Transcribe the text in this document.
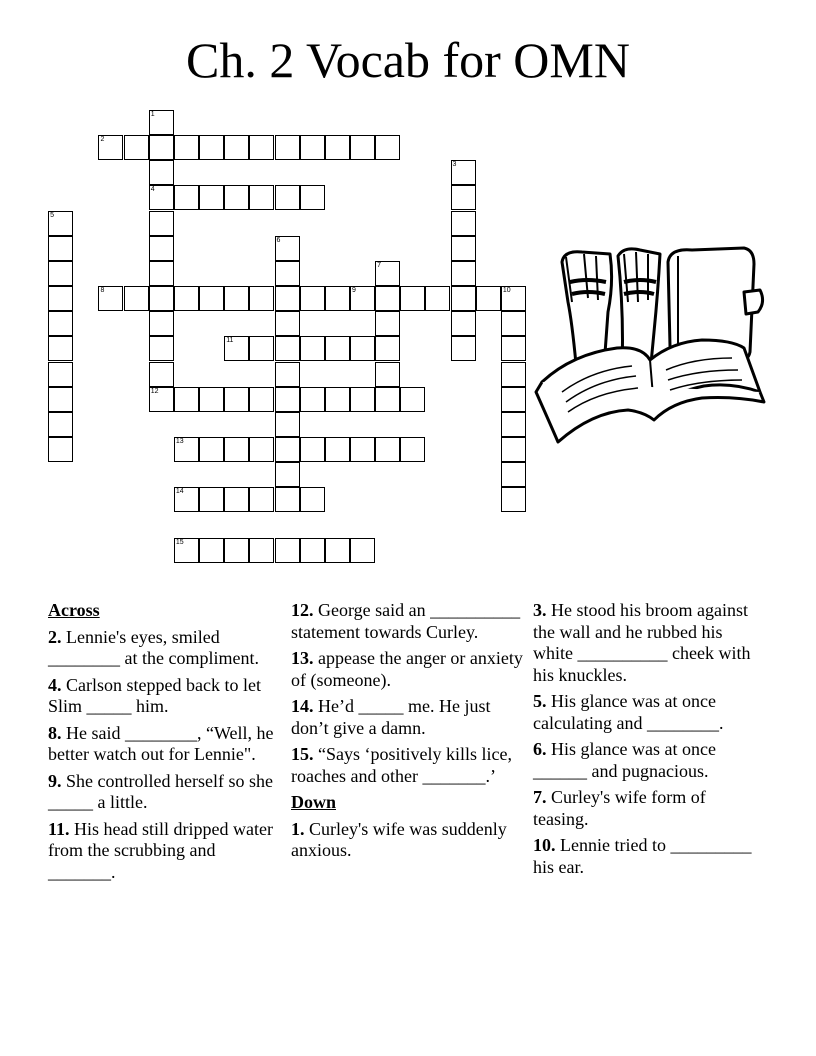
Ch. 2 Vocab for OMN
1
4
12
2
3
5
6
7
8	9	10
11
13
14
15

Across

2. Lennie's eyes, smiled ________ at the compliment.

4. Carlson stepped back to let Slim _____ him.

8. He said ________, “Well, he better watch out for Lennie".

9. She controlled herself so she _____ a little.

11. His head still dripped water from the scrubbing and _______.

12. George said an __________ statement towards Curley.

13. appease the anger or anxiety of (someone).

14. He’d _____ me. He just don’t give a damn.

15. “Says ‘positively kills lice, roaches and other _______.’

Down

1. Curley's wife was suddenly anxious.

3. He stood his broom against the wall and he rubbed his white __________ cheek with his knuckles.

5. His glance was at once calculating and ________.

6. His glance was at once ______ and pugnacious.

7. Curley's wife form of teasing.

10. Lennie tried to _________ his ear.
